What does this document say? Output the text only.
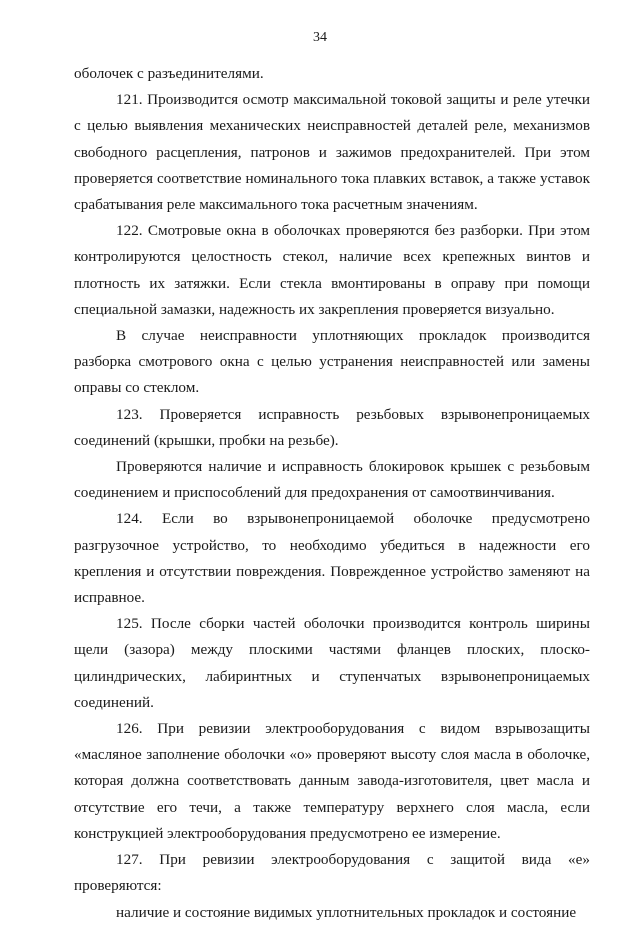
34

оболочек с разъединителями.

121. Производится осмотр максимальной токовой защиты и реле утечки с целью выявления механических неисправностей деталей реле, механизмов свободного расцепления, патронов и зажимов предохранителей. При этом проверяется соответствие номинального тока плавких вставок, а также уставок срабатывания реле максимального тока расчетным значениям.

122. Смотровые окна в оболочках проверяются без разборки. При этом контролируются целостность стекол, наличие всех крепежных винтов и плотность их затяжки. Если стекла вмонтированы в оправу при помощи специальной замазки, надежность их закрепления проверяется визуально.

В случае неисправности уплотняющих прокладок производится разборка смотрового окна с целью устранения неисправностей или замены оправы со стеклом.

123. Проверяется исправность резьбовых взрывонепроницаемых соединений (крышки, пробки на резьбе).

Проверяются наличие и исправность блокировок крышек с резьбовым соединением и приспособлений для предохранения от самоотвинчивания.

124. Если во взрывонепроницаемой оболочке предусмотрено разгрузочное устройство, то необходимо убедиться в надежности его крепления и отсутствии повреждения. Поврежденное устройство заменяют на исправное.

125. После сборки частей оболочки производится контроль ширины щели (зазора) между плоскими частями фланцев плоских, плоско-цилиндрических, лабиринтных и ступенчатых взрывонепроницаемых соединений.

126. При ревизии электрооборудования с видом взрывозащиты «масляное заполнение оболочки «о» проверяют высоту слоя масла в оболочке, которая должна соответствовать данным завода-изготовителя, цвет масла и отсутствие его течи, а также температуру верхнего слоя масла, если конструкцией электрооборудования предусмотрено ее измерение.

127. При ревизии электрооборудования с защитой вида «е» проверяются:

наличие и состояние видимых уплотнительных прокладок и состояние
